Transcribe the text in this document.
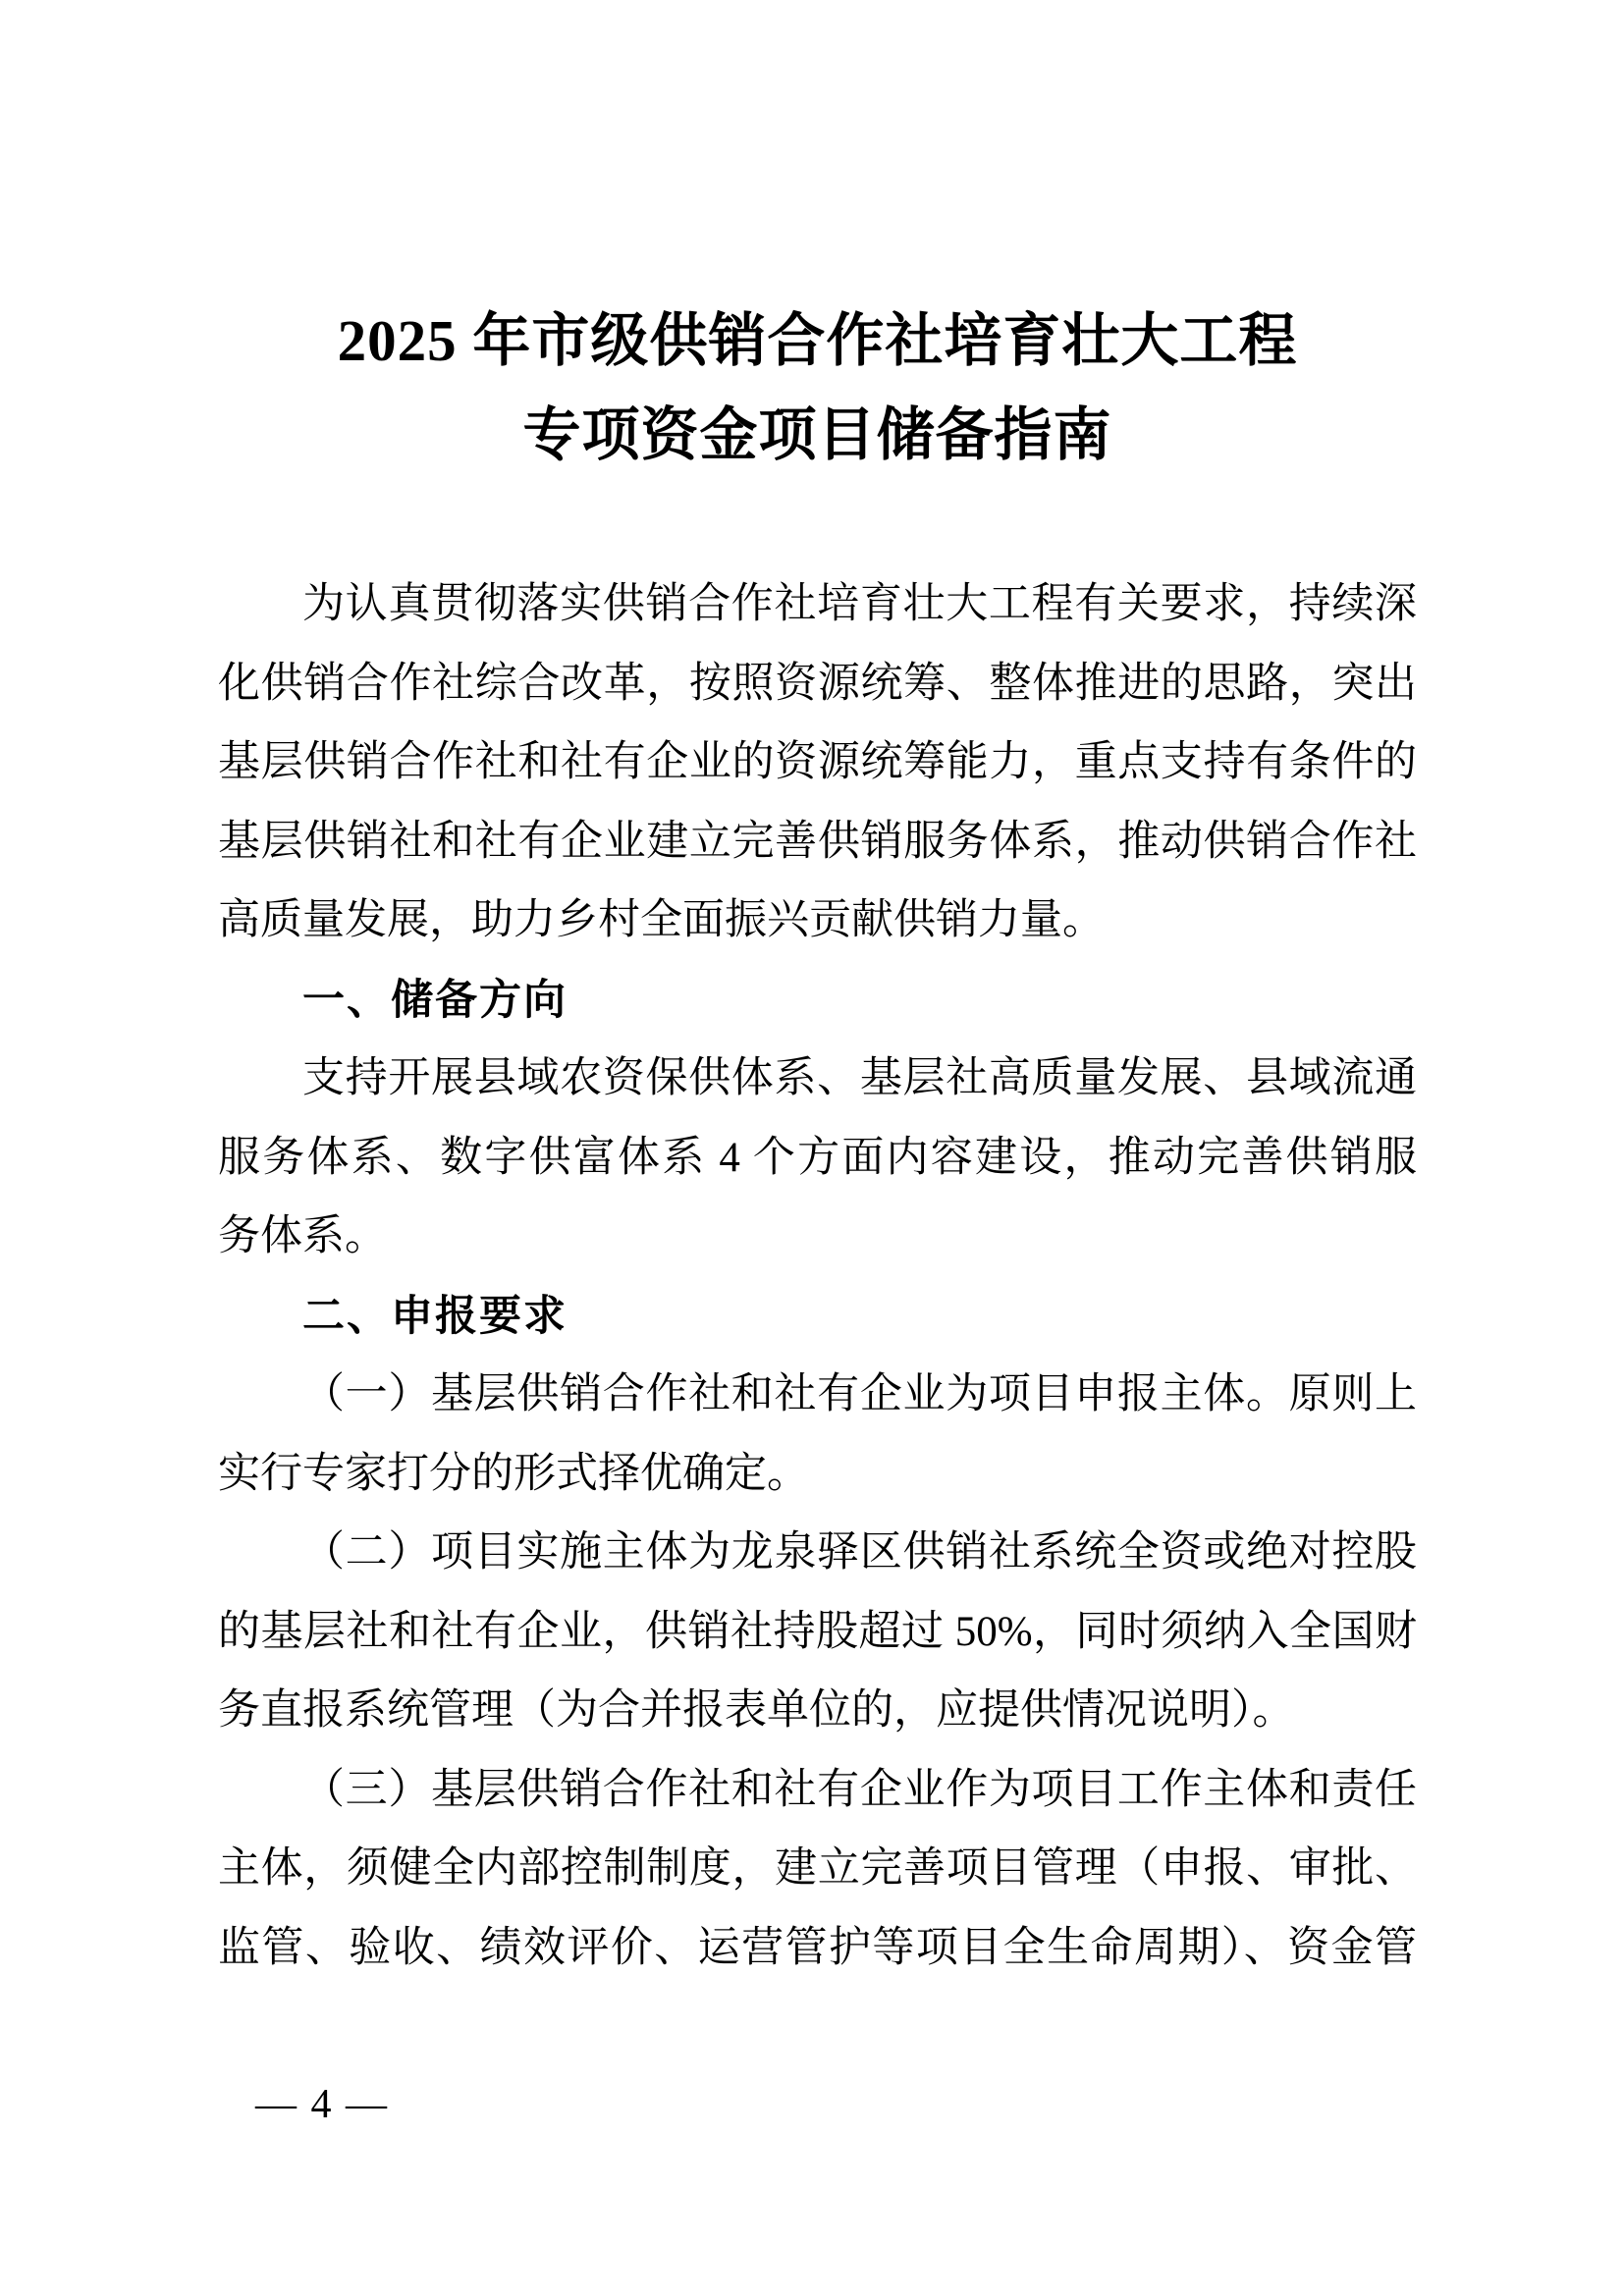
2025 年市级供销合作社培育壮大工程
专项资金项目储备指南
为认真贯彻落实供销合作社培育壮大工程有关要求，持续深
化供销合作社综合改革，按照资源统筹、整体推进的思路，突出
基层供销合作社和社有企业的资源统筹能力，重点支持有条件的
基层供销社和社有企业建立完善供销服务体系，推动供销合作社
高质量发展，助力乡村全面振兴贡献供销力量。
一、储备方向
支持开展县域农资保供体系、基层社高质量发展、县域流通
服务体系、数字供富体系 4 个方面内容建设，推动完善供销服
务体系。
二、申报要求
（一）基层供销合作社和社有企业为项目申报主体。原则上
实行专家打分的形式择优确定。
（二）项目实施主体为龙泉驿区供销社系统全资或绝对控股
的基层社和社有企业，供销社持股超过 50%，同时须纳入全国财
务直报系统管理（为合并报表单位的，应提供情况说明）。
（三）基层供销合作社和社有企业作为项目工作主体和责任
主体，须健全内部控制制度，建立完善项目管理（申报、审批、
监管、验收、绩效评价、运营管护等项目全生命周期）、资金管
— 4 —
